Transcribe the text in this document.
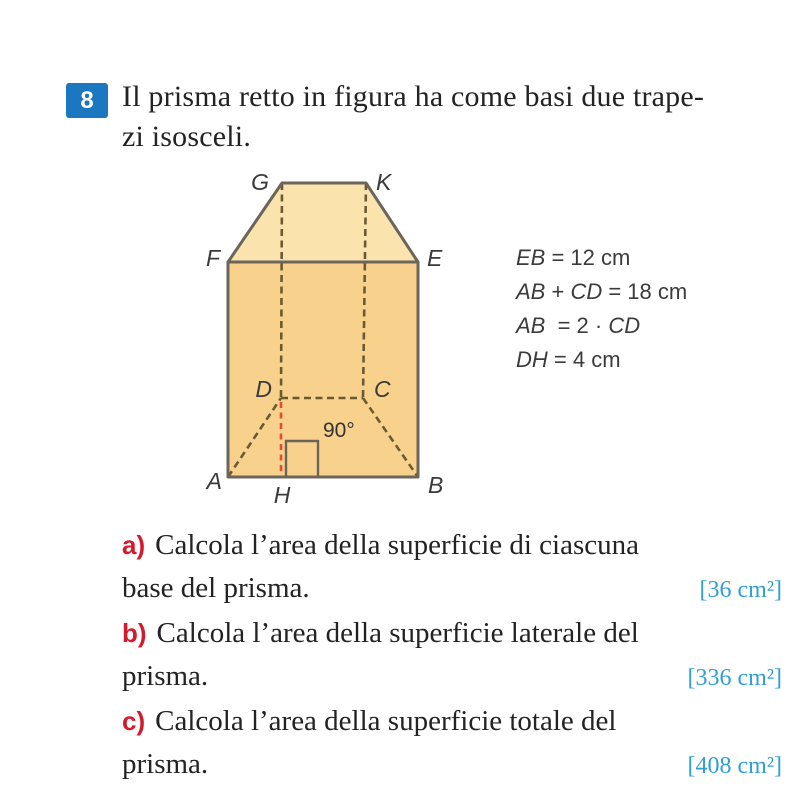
8 Il prisma retto in figura ha come basi due trape-
zi isosceli.
G	K
F	E
D	C
A	B
H
90°
EB = 12 cm
AB + CD = 18 cm
AB  = 2 · CD
DH = 4 cm
a) Calcola l’area della superficie di ciascuna
base del prisma.	[36 cm²]
b) Calcola l’area della superficie laterale del
prisma.	[336 cm²]
c) Calcola l’area della superficie totale del
prisma.	[408 cm²]
